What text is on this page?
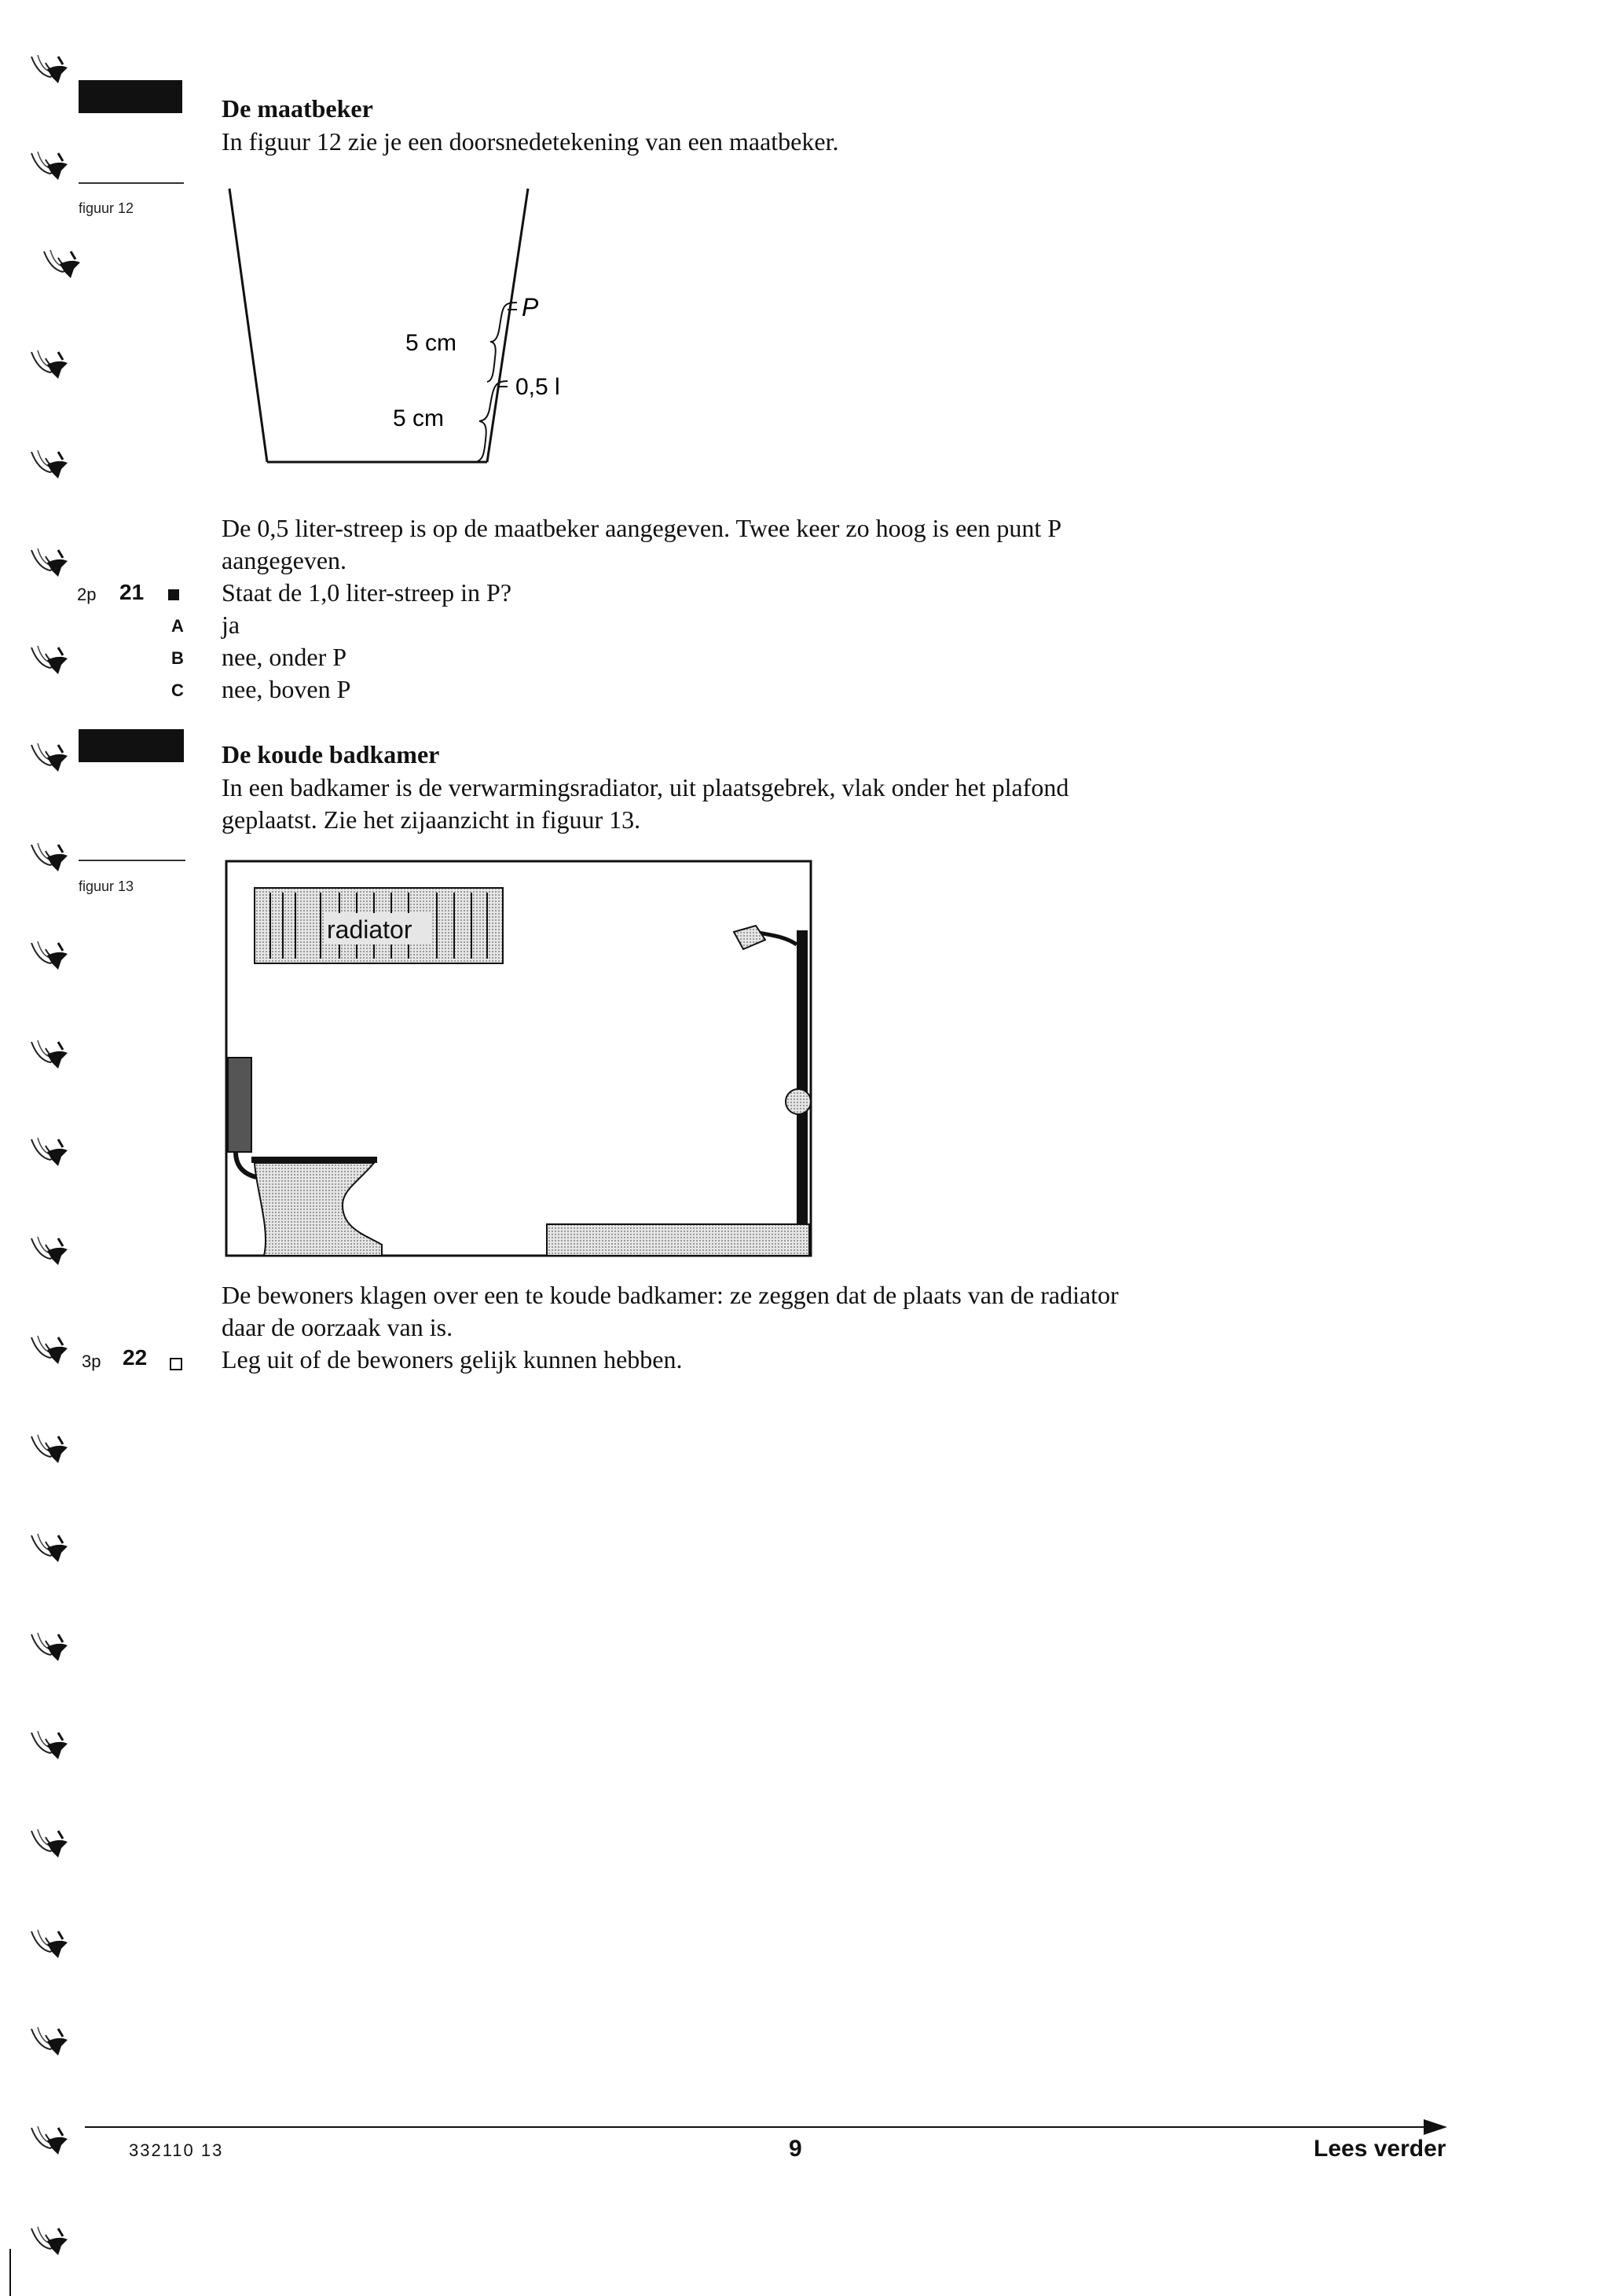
figuur 12
De maatbeker
In figuur 12 zie je een doorsnedetekening van een maatbeker.
P
0,5 l
5 cm
5 cm
De 0,5 liter-streep is op de maatbeker aangegeven. Twee keer zo hoog is een punt P
aangegeven.
2p 21	Staat de 1,0 liter-streep in P?
A ja
B nee, onder P
C nee, boven P
figuur 13
De koude badkamer
In een badkamer is de verwarmingsradiator, uit plaatsgebrek, vlak onder het plafond
geplaatst. Zie het zijaanzicht in figuur 13.
radiator
De bewoners klagen over een te koude badkamer: ze zeggen dat de plaats van de radiator
daar de oorzaak van is.
3p 22	Leg uit of de bewoners gelijk kunnen hebben.
332110 13	9	Lees verder
